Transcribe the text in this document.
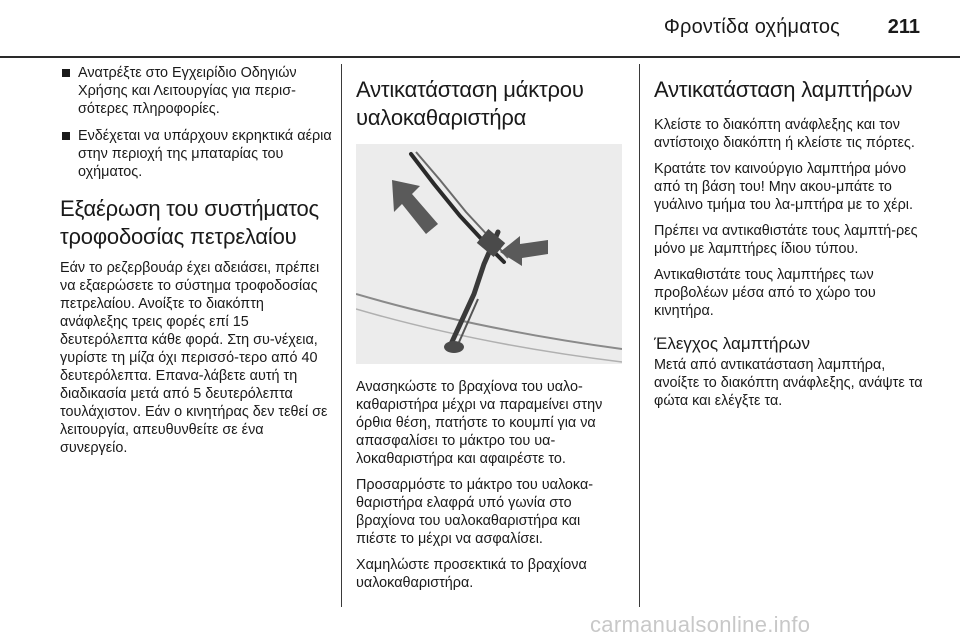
Φροντίδα οχήματος 211
Ανατρέξτε στο Εγχειρίδιο Οδηγιών Χρήσης και Λειτουργίας για περισ-σότερες πληροφορίες.
Ενδέχεται να υπάρχουν εκρηκτικά αέρια στην περιοχή της μπαταρίας του οχήματος.
Εξαέρωση του συστήματος τροφοδοσίας πετρελαίου

Εάν το ρεζερβουάρ έχει αδειάσει, πρέπει να εξαερώσετε το σύστημα τροφοδοσίας πετρελαίου. Ανοίξτε το διακόπτη ανάφλεξης τρεις φορές επί 15 δευτερόλεπτα κάθε φορά. Στη συ-νέχεια, γυρίστε τη μίζα όχι περισσό-τερο από 40 δευτερόλεπτα. Επανα-λάβετε αυτή τη διαδικασία μετά από 5 δευτερόλεπτα τουλάχιστον. Εάν ο κινητήρας δεν τεθεί σε λειτουργία, απευθυνθείτε σε ένα συνεργείο.

Αντικατάσταση μάκτρου υαλοκαθαριστήρα

Ανασηκώστε το βραχίονα του υαλο-καθαριστήρα μέχρι να παραμείνει στην όρθια θέση, πατήστε το κουμπί για να απασφαλίσει το μάκτρο του υα-λοκαθαριστήρα και αφαιρέστε το.

Προσαρμόστε το μάκτρο του υαλοκα-θαριστήρα ελαφρά υπό γωνία στο βραχίονα του υαλοκαθαριστήρα και πιέστε το μέχρι να ασφαλίσει.

Χαμηλώστε προσεκτικά το βραχίονα υαλοκαθαριστήρα.

Αντικατάσταση λαμπτήρων

Κλείστε το διακόπτη ανάφλεξης και τον αντίστοιχο διακόπτη ή κλείστε τις πόρτες.

Κρατάτε τον καινούργιο λαμπτήρα μόνο από τη βάση του! Μην ακου-μπάτε το γυάλινο τμήμα του λα-μπτήρα με το χέρι.

Πρέπει να αντικαθιστάτε τους λαμπτή-ρες μόνο με λαμπτήρες ίδιου τύπου.

Αντικαθιστάτε τους λαμπτήρες των προβολέων μέσα από το χώρο του κινητήρα.

Έλεγχος λαμπτήρων

Μετά από αντικατάσταση λαμπτήρα, ανοίξτε το διακόπτη ανάφλεξης, ανάψτε τα φώτα και ελέγξτε τα.

carmanualsonline.info
